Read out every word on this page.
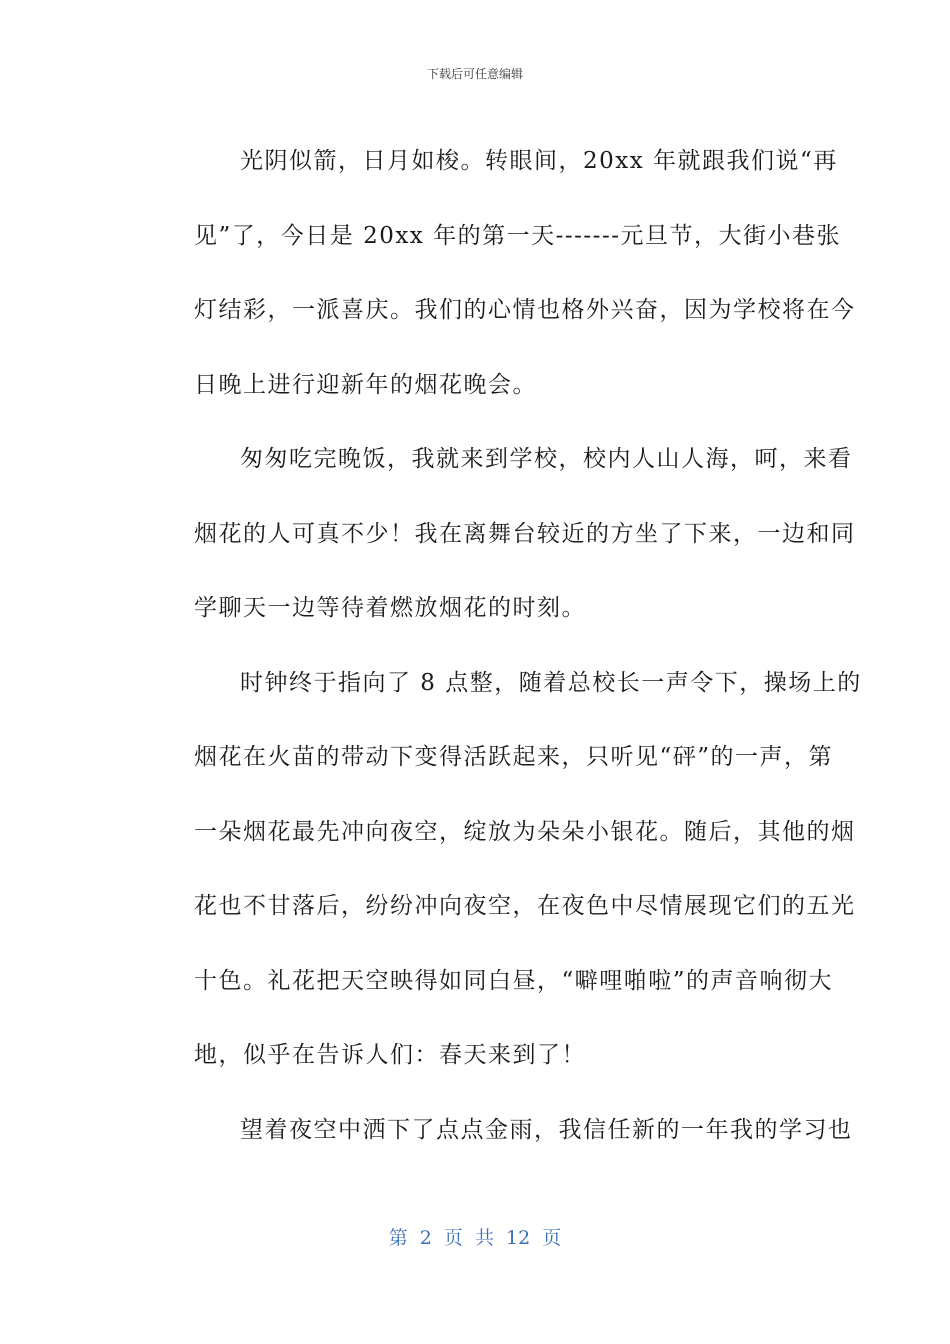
下载后可任意编辑
光阴似箭，日月如梭。转眼间，20xx 年就跟我们说“再
见”了，今日是 20xx 年的第一天-------元旦节，大街小巷张
灯结彩，一派喜庆。我们的心情也格外兴奋，因为学校将在今
日晚上进行迎新年的烟花晚会。
匆匆吃完晚饭，我就来到学校，校内人山人海，呵，来看
烟花的人可真不少！我在离舞台较近的方坐了下来，一边和同
学聊天一边等待着燃放烟花的时刻。
时钟终于指向了 8 点整，随着总校长一声令下，操场上的
烟花在火苗的带动下变得活跃起来，只听见“砰”的一声，第
一朵烟花最先冲向夜空，绽放为朵朵小银花。随后，其他的烟
花也不甘落后，纷纷冲向夜空，在夜色中尽情展现它们的五光
十色。礼花把天空映得如同白昼，“噼哩啪啦”的声音响彻大
地，似乎在告诉人们：春天来到了！
望着夜空中洒下了点点金雨，我信任新的一年我的学习也
第 2 页 共 12 页
